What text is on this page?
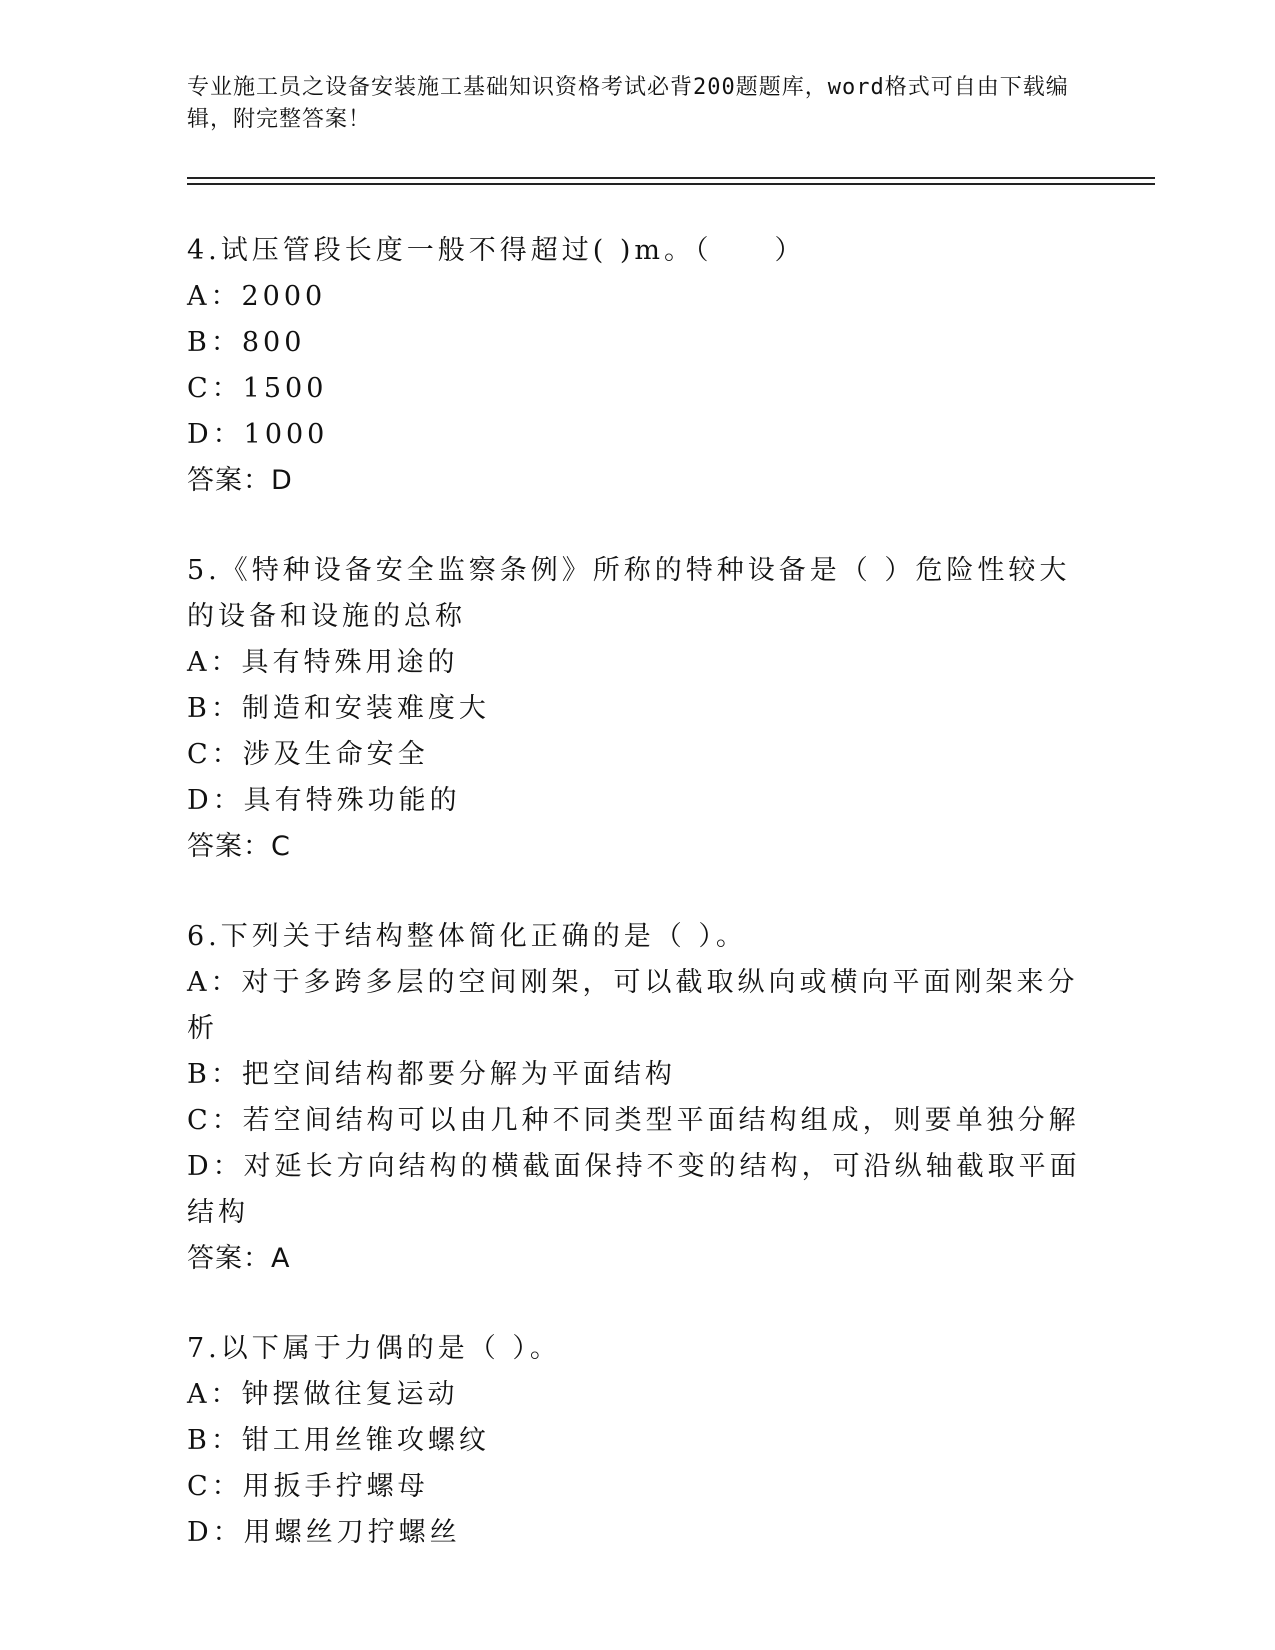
专业施工员之设备安装施工基础知识资格考试必背200题题库，word格式可自由下载编辑，附完整答案！
4.试压管段长度一般不得超过( )m。（　　）
A：2000
B：800
C：1500
D：1000
答案：D
5.《特种设备安全监察条例》所称的特种设备是（ ）危险性较大的设备和设施的总称
A：具有特殊用途的
B：制造和安装难度大
C：涉及生命安全
D：具有特殊功能的
答案：C
6.下列关于结构整体简化正确的是（ ）。
A：对于多跨多层的空间刚架，可以截取纵向或横向平面刚架来分析
B：把空间结构都要分解为平面结构
C：若空间结构可以由几种不同类型平面结构组成，则要单独分解
D：对延长方向结构的横截面保持不变的结构，可沿纵轴截取平面结构
答案：A
7.以下属于力偶的是（ ）。
A：钟摆做往复运动
B：钳工用丝锥攻螺纹
C：用扳手拧螺母
D：用螺丝刀拧螺丝
